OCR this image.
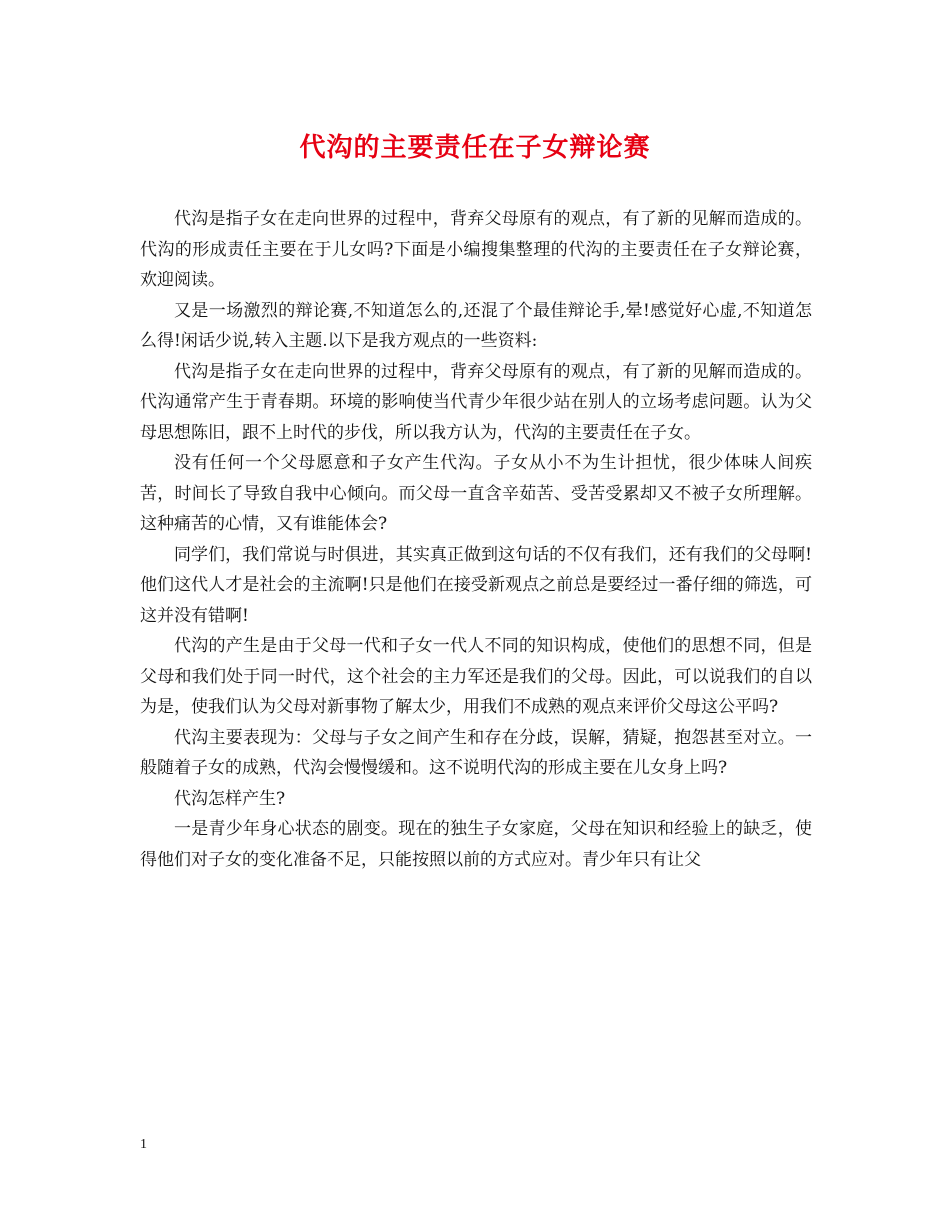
代沟的主要责任在子女辩论赛

代沟是指子女在走向世界的过程中，背弃父母原有的观点，有了新的见解而造成的。代沟的形成责任主要在于儿女吗?下面是小编搜集整理的代沟的主要责任在子女辩论赛，欢迎阅读。

又是一场激烈的辩论赛,不知道怎么的,还混了个最佳辩论手,晕!感觉好心虚,不知道怎么得!闲话少说,转入主题.以下是我方观点的一些资料:

代沟是指子女在走向世界的过程中，背弃父母原有的观点，有了新的见解而造成的。代沟通常产生于青春期。环境的影响使当代青少年很少站在别人的立场考虑问题。认为父母思想陈旧，跟不上时代的步伐，所以我方认为，代沟的主要责任在子女。

没有任何一个父母愿意和子女产生代沟。子女从小不为生计担忧，很少体味人间疾苦，时间长了导致自我中心倾向。而父母一直含辛茹苦、受苦受累却又不被子女所理解。这种痛苦的心情，又有谁能体会?

同学们，我们常说与时俱进，其实真正做到这句话的不仅有我们，还有我们的父母啊!他们这代人才是社会的主流啊!只是他们在接受新观点之前总是要经过一番仔细的筛选，可这并没有错啊!

代沟的产生是由于父母一代和子女一代人不同的知识构成，使他们的思想不同，但是父母和我们处于同一时代，这个社会的主力军还是我们的父母。因此，可以说我们的自以为是，使我们认为父母对新事物了解太少，用我们不成熟的观点来评价父母这公平吗?

代沟主要表现为：父母与子女之间产生和存在分歧，误解，猜疑，抱怨甚至对立。一般随着子女的成熟，代沟会慢慢缓和。这不说明代沟的形成主要在儿女身上吗?

代沟怎样产生?

一是青少年身心状态的剧变。现在的独生子女家庭，父母在知识和经验上的缺乏，使得他们对子女的变化准备不足，只能按照以前的方式应对。青少年只有让父

1
